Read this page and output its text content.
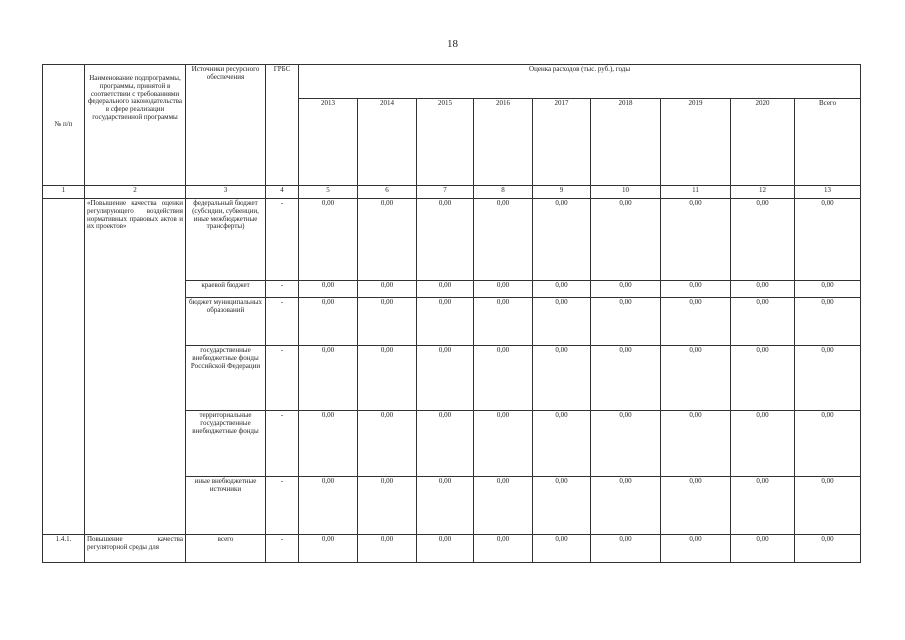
18
№ п/п	Наименование подпрограммы, программы, принятой в соответствии с требованиями федерального законодательства в сфере реализации государственной программы	Источники ресурсного обеспечения	ГРБС	Оценка расходов (тыс. руб.), годы								
				2013	2014	2015	2016	2017	2018	2019	2020	Всего
1	2	3	4	5	6	7	8	9	10	11	12	13
	«Повышение качества оценки регулирующего воздействия нормативных правовых актов и их проектов»	федеральный бюджет (субсидии, субвенции, иные межбюджетные трансферты)	-	0,00	0,00	0,00	0,00	0,00	0,00	0,00	0,00	0,00
		краевой бюджет	-	0,00	0,00	0,00	0,00	0,00	0,00	0,00	0,00	0,00
		бюджет муниципальных образований	-	0,00	0,00	0,00	0,00	0,00	0,00	0,00	0,00	0,00
		государственные внебюджетные фонды Российской Федерации	-	0,00	0,00	0,00	0,00	0,00	0,00	0,00	0,00	0,00
		территориальные государственные внебюджетные фонды	-	0,00	0,00	0,00	0,00	0,00	0,00	0,00	0,00	0,00
		иные внебюджетные источники	-	0,00	0,00	0,00	0,00	0,00	0,00	0,00	0,00	0,00
1.4.1.	Повышение качества регуляторной среды для	всего	-	0,00	0,00	0,00	0,00	0,00	0,00	0,00	0,00	0,00
